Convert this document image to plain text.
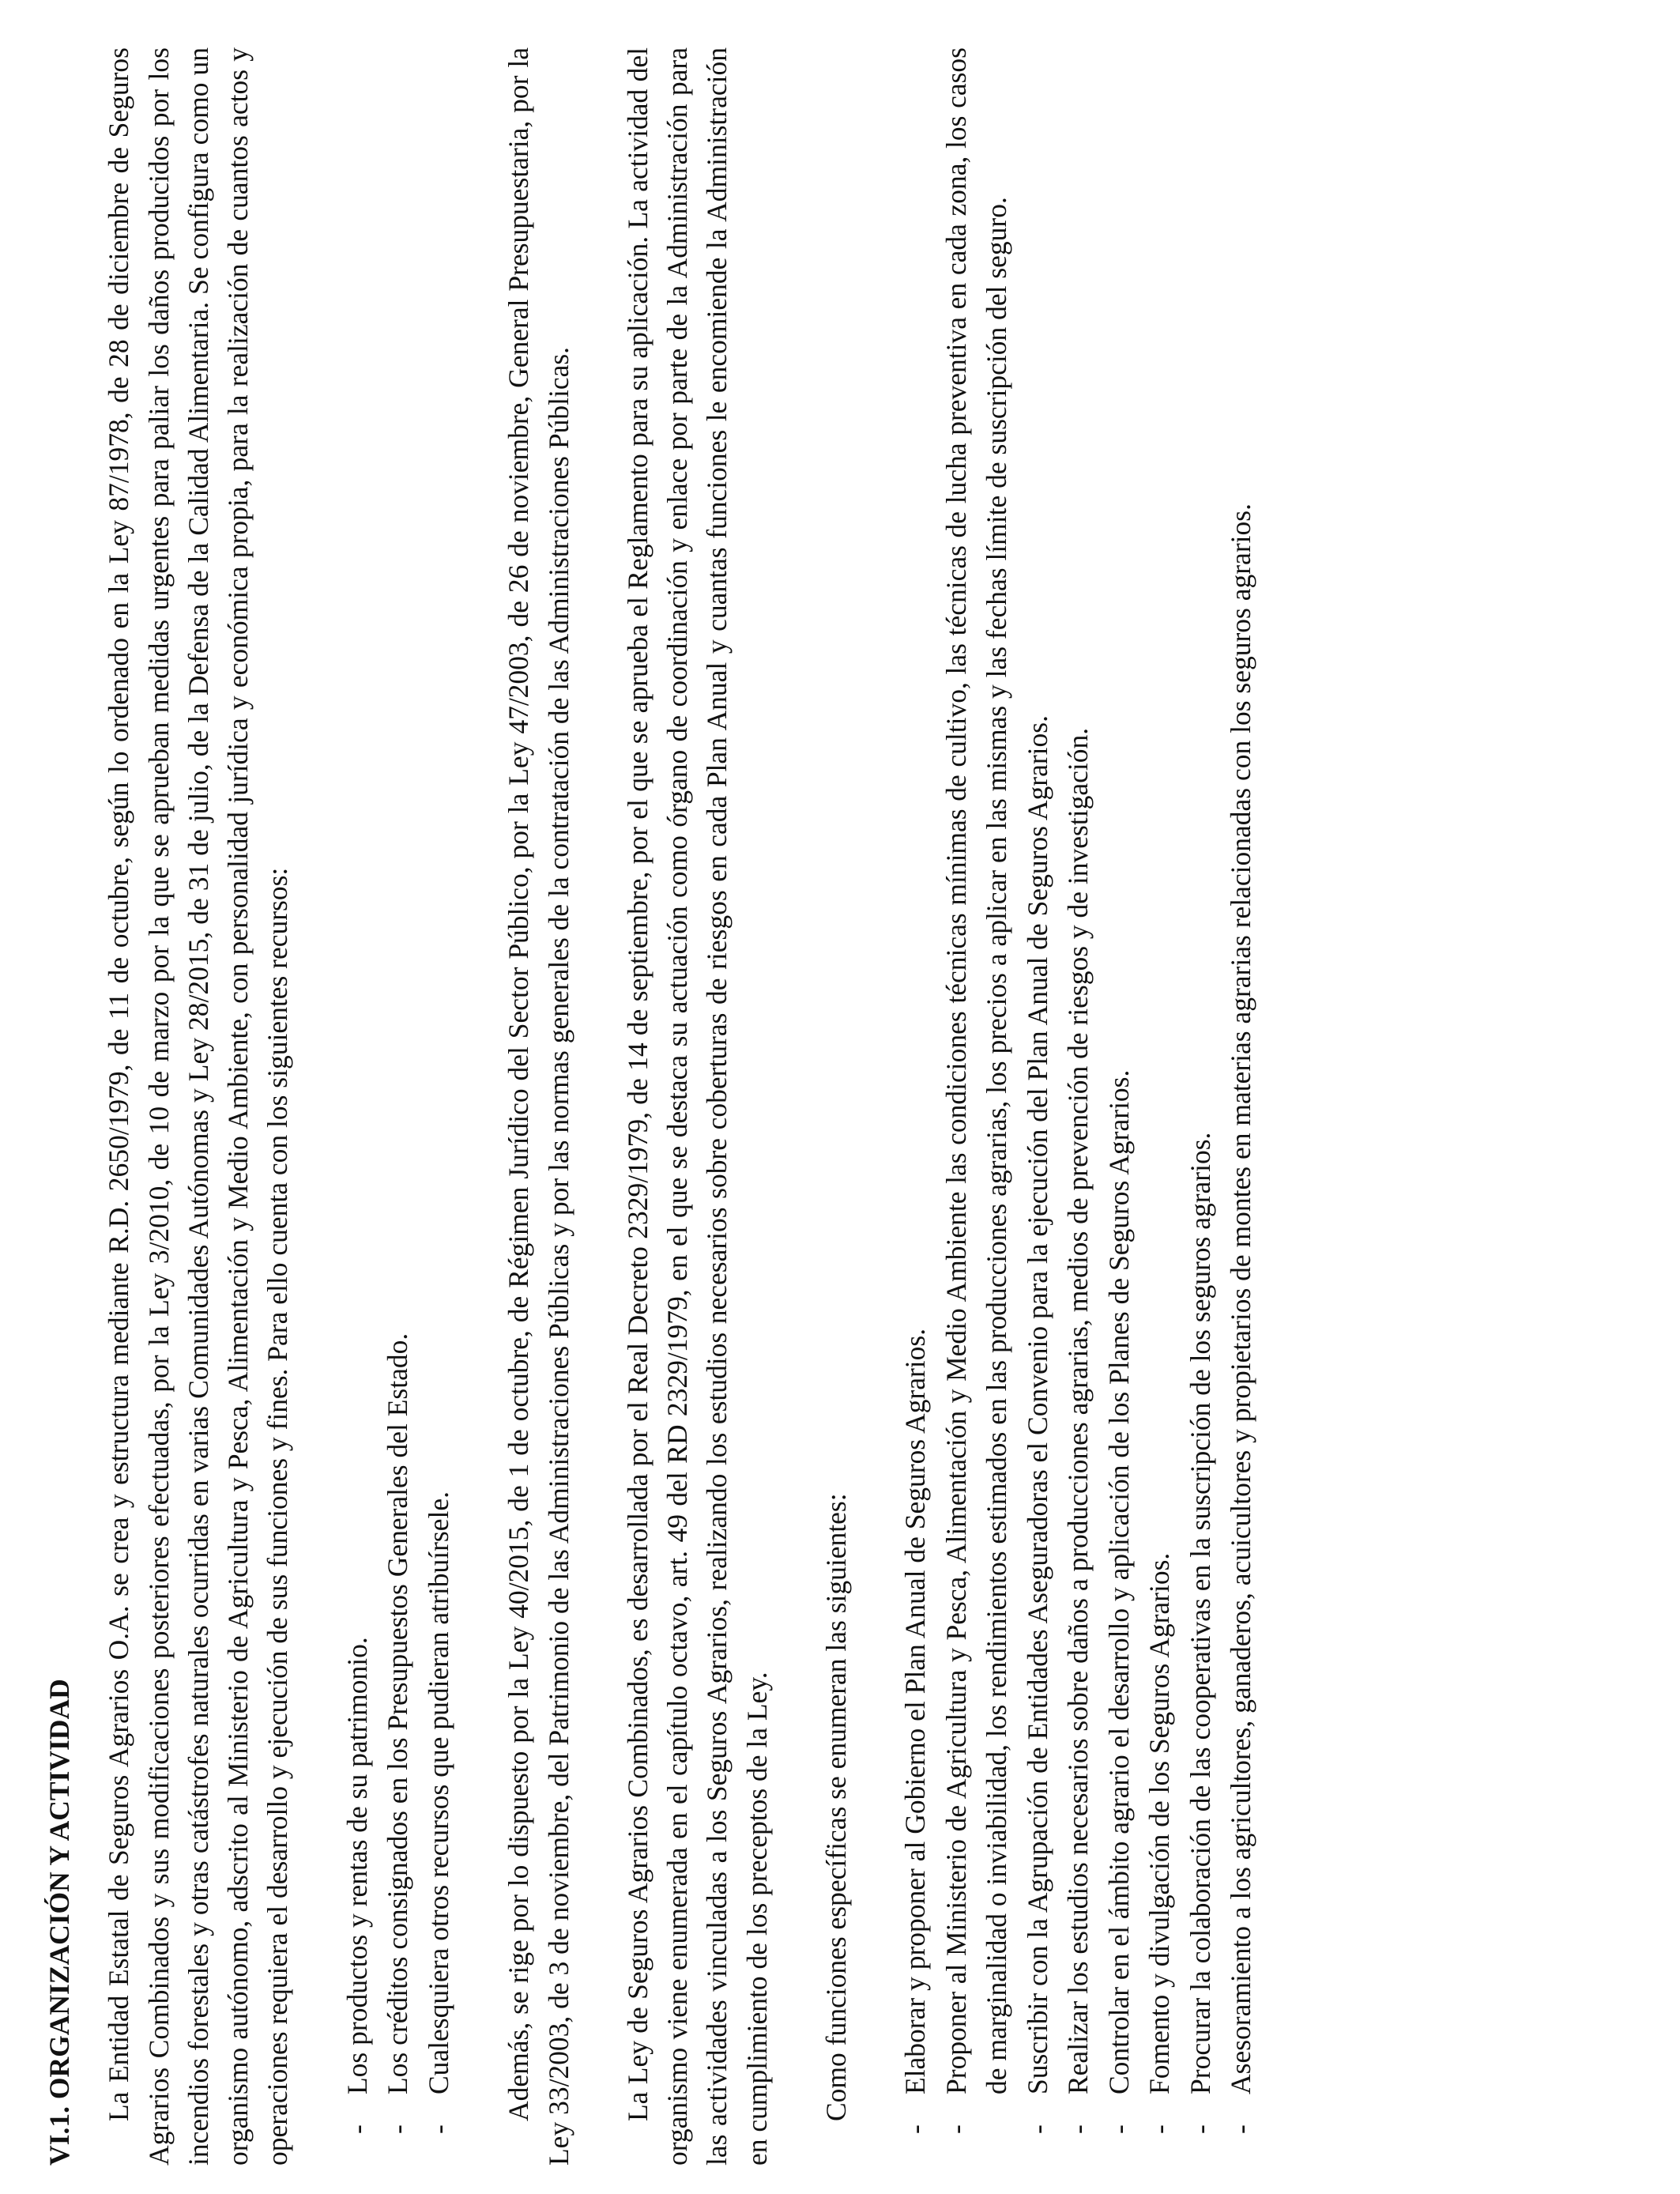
VI.1. ORGANIZACIÓN Y ACTIVIDAD La Entidad Estatal de Seguros Agrarios O.A. se crea y estructura mediante R.D. 2650/1979, de 11 de octubre, según lo ordenado en la Ley 87/1978, de 28 de diciembre de Seguros Agrarios Combinados y sus modificaciones posteriores efectuadas, por la Ley 3/2010, de 10 de marzo por la que se aprueban medidas urgentes para paliar los daños producidos por los incendios forestales y otras catástrofes naturales ocurridas en varias Comunidades Autónomas y Ley 28/2015, de 31 de julio, de la Defensa de la Calidad Alimentaria. Se configura como un organismo autónomo, adscrito al Ministerio de Agricultura y Pesca, Alimentación y Medio Ambiente, con personalidad jurídica y económica propia, para la realización de cuantos actos y operaciones requiera el desarrollo y ejecución de sus funciones y fines. Para ello cuenta con los siguientes recursos: - Los productos y rentas de su patrimonio. - Los créditos consignados en los Presupuestos Generales del Estado. - Cualesquiera otros recursos que pudieran atribuírsele. Además, se rige por lo dispuesto por la Ley 40/2015, de 1 de octubre, de Régimen Jurídico del Sector Público, por la Ley 47/2003, de 26 de noviembre, General Presupuestaria, por la Ley 33/2003, de 3 de noviembre, del Patrimonio de las Administraciones Públicas y por las normas generales de la contratación de las Administraciones Públicas. La Ley de Seguros Agrarios Combinados, es desarrollada por el Real Decreto 2329/1979, de 14 de septiembre, por el que se aprueba el Reglamento para su aplicación. La actividad del organismo viene enumerada en el capítulo octavo, art. 49 del RD 2329/1979, en el que se destaca su actuación como órgano de coordinación y enlace por parte de la Administración para las actividades vinculadas a los Seguros Agrarios, realizando los estudios necesarios sobre coberturas de riesgos en cada Plan Anual y cuantas funciones le encomiende la Administración en cumplimiento de los preceptos de la Ley. Como funciones específicas se enumeran las siguientes: - Elaborar y proponer al Gobierno el Plan Anual de Seguros Agrarios. - Proponer al Ministerio de Agricultura y Pesca, Alimentación y Medio Ambiente las condiciones técnicas mínimas de cultivo, las técnicas de lucha preventiva en cada zona, los casos de marginalidad o inviabilidad, los rendimientos estimados en las producciones agrarias, los precios a aplicar en las mismas y las fechas límite de suscripción del seguro. - Suscribir con la Agrupación de Entidades Aseguradoras el Convenio para la ejecución del Plan Anual de Seguros Agrarios. - Realizar los estudios necesarios sobre daños a producciones agrarias, medios de prevención de riesgos y de investigación. - Controlar en el ámbito agrario el desarrollo y aplicación de los Planes de Seguros Agrarios. - Fomento y divulgación de los Seguros Agrarios. - Procurar la colaboración de las cooperativas en la suscripción de los seguros agrarios. - Asesoramiento a los agricultores, ganaderos, acuicultores y propietarios de montes en materias agrarias relacionadas con los seguros agrarios.
